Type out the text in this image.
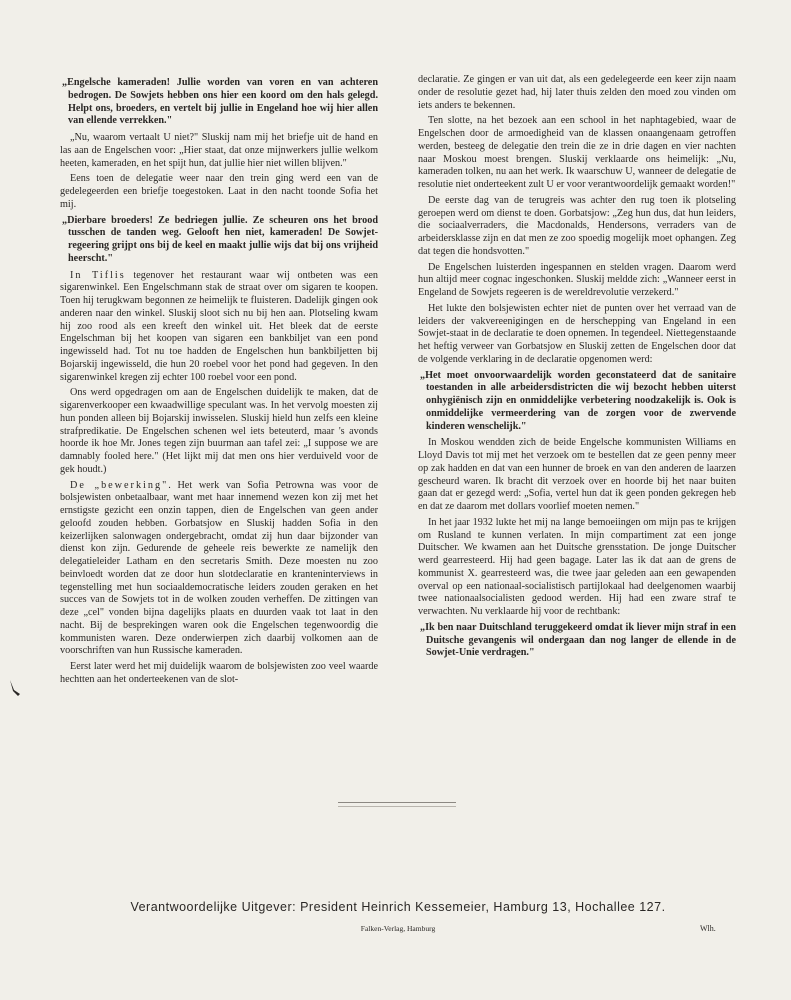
„Engelsche kameraden! Jullie worden van voren en van achteren bedrogen. De Sowjets hebben ons hier een koord om den hals gelegd. Helpt ons, broeders, en vertelt bij jullie in Engeland hoe wij hier allen van ellende verrekken."

„Nu, waarom vertaalt U niet?" Sluskij nam mij het briefje uit de hand en las aan de Engelschen voor: „Hier staat, dat onze mijnwerkers jullie welkom heeten, kameraden, en het spijt hun, dat jullie hier niet willen blijven."

Eens toen de delegatie weer naar den trein ging werd een van de gedelegeerden een briefje toegestoken. Laat in den nacht toonde Sofia het mij.

„Dierbare broeders! Ze bedriegen jullie. Ze scheuren ons het brood tusschen de tanden weg. Gelooft hen niet, kameraden! De Sowjet-regeering grijpt ons bij de keel en maakt jullie wijs dat bij ons vrijheid heerscht."

In Tiflis tegenover het restaurant waar wij ontbeten was een sigarenwinkel. Een Engelschmann stak de straat over om sigaren te koopen. Toen hij terugkwam begonnen ze heimelijk te fluisteren. Dadelijk gingen ook anderen naar den winkel. Sluskij sloot sich nu bij hen aan. Plotseling kwam hij zoo rood als een kreeft den winkel uit. Het bleek dat de eerste Engelschman bij het koopen van sigaren een bankbiljet van een pond ingewisseld had. Tot nu toe hadden de Engelschen hun bankbiljetten bij Bojarskij ingewisseld, die hun 20 roebel voor het pond had gegeven. In den sigarenwinkel kregen zij echter 100 roebel voor een pond.

Ons werd opgedragen om aan de Engelschen duidelijk te maken, dat de sigarenverkooper een kwaadwillige speculant was. In het vervolg moesten zij hun ponden alleen bij Bojarskij inwisselen. Sluskij hield hun zelfs een kleine strafpredikatie. De Engelschen schenen wel iets beteuterd, maar 's avonds hoorde ik hoe Mr. Jones tegen zijn buurman aan tafel zei: „I suppose we are damnably fooled here." (Het lijkt mij dat men ons hier verduiveld voor de gek houdt.)

De „bewerking". Het werk van Sofia Petrowna was voor de bolsjewisten onbetaalbaar, want met haar innemend wezen kon zij met het ernstigste gezicht een onzin tappen, dien de Engelschen van geen ander geloofd zouden hebben. Gorbatsjow en Sluskij hadden Sofia in den keizerlijken salonwagen ondergebracht, omdat zij hun daar bijzonder van dienst kon zijn. Gedurende de geheele reis bewerkte ze namelijk den delegatieleider Latham en den secretaris Smith. Deze moesten nu zoo beinvloedt worden dat ze door hun slotdeclaratie en kranteninterviews in tegenstelling met hun sociaaldemocratische leiders zouden geraken en het succes van de Sowjets tot in de wolken zouden verheffen. De zittingen van deze „cel" vonden bijna dagelijks plaats en duurden vaak tot laat in den nacht. Bij de besprekingen waren ook die Engelschen tegenwoordig die kommunisten waren. Deze onderwierpen zich daarbij volkomen aan de voorschriften van hun Russische kameraden.

Eerst later werd het mij duidelijk waarom de bolsjewisten zoo veel waarde hechtten aan het onderteekenen van de slot-

declaratie. Ze gingen er van uit dat, als een gedelegeerde een keer zijn naam onder de resolutie gezet had, hij later thuis zelden den moed zou vinden om iets anders te bekennen.

Ten slotte, na het bezoek aan een school in het naphtagebied, waar de Engelschen door de armoedigheid van de klassen onaangenaam getroffen werden, besteeg de delegatie den trein die ze in drie dagen en vier nachten naar Moskou moest brengen. Sluskij verklaarde ons heimelijk: „Nu, kameraden tolken, nu aan het werk. Ik waarschuw U, wanneer de delegatie de resolutie niet onderteekent zult U er voor verantwoordelijk gemaakt worden!"

De eerste dag van de terugreis was achter den rug toen ik plotseling geroepen werd om dienst te doen. Gorbatsjow: „Zeg hun dus, dat hun leiders, die sociaalverraders, die Macdonalds, Hendersons, verraders van de arbeidersklasse zijn en dat men ze zoo spoedig mogelijk moet ophangen. Zeg dat tegen die hondsvotten."

De Engelschen luisterden ingespannen en stelden vragen. Daarom werd hun altijd meer cognac ingeschonken. Sluskij meldde zich: „Wanneer eerst in Engeland de Sowjets regeeren is de wereldrevolutie verzekerd."

Het lukte den bolsjewisten echter niet de punten over het verraad van de leiders der vakvereenigingen en de herschepping van Engeland in een Sowjet-staat in de declaratie te doen opnemen. In tegendeel. Niettegenstaande het heftig verweer van Gorbatsjow en Sluskij zetten de Engelschen door dat de volgende verklaring in de declaratie opgenomen werd:

„Het moet onvoorwaardelijk worden geconstateerd dat de sanitaire toestanden in alle arbeidersdistricten die wij bezocht hebben uiterst onhygiënisch zijn en onmiddelijke verbetering noodzakelijk is. Ook is onmiddelijke vermeerdering van de zorgen voor de zwervende kinderen wenschelijk."

In Moskou wendden zich de beide Engelsche kommunisten Williams en Lloyd Davis tot mij met het verzoek om te bestellen dat ze geen penny meer op zak hadden en dat van een hunner de broek en van den anderen de laarzen gescheurd waren. Ik bracht dit verzoek over en hoorde bij het naar buiten gaan dat er gezegd werd: „Sofia, vertel hun dat ik geen ponden gekregen heb en dat ze daarom met dollars voorlief moeten nemen."

In het jaar 1932 lukte het mij na lange bemoeiingen om mijn pas te krijgen om Rusland te kunnen verlaten. In mijn compartiment zat een jonge Duitscher. We kwamen aan het Duitsche grensstation. De jonge Duitscher werd gearresteerd. Hij had geen bagage. Later las ik dat aan de grens de kommunist X. gearresteerd was, die twee jaar geleden aan een gewapenden overval op een nationaal-socialistisch partijlokaal had deelgenomen waarbij twee nationaalsocialisten gedood werden. Hij had een zware straf te verwachten. Nu verklaarde hij voor de rechtbank:

„Ik ben naar Duitschland teruggekeerd omdat ik liever mijn straf in een Duitsche gevangenis wil ondergaan dan nog langer de ellende in de Sowjet-Unie verdragen."

Verantwoordelijke Uitgever: President Heinrich Kessemeier, Hamburg 13, Hochallee 127.
Falken-Verlag, Hamburg	Wlh.
